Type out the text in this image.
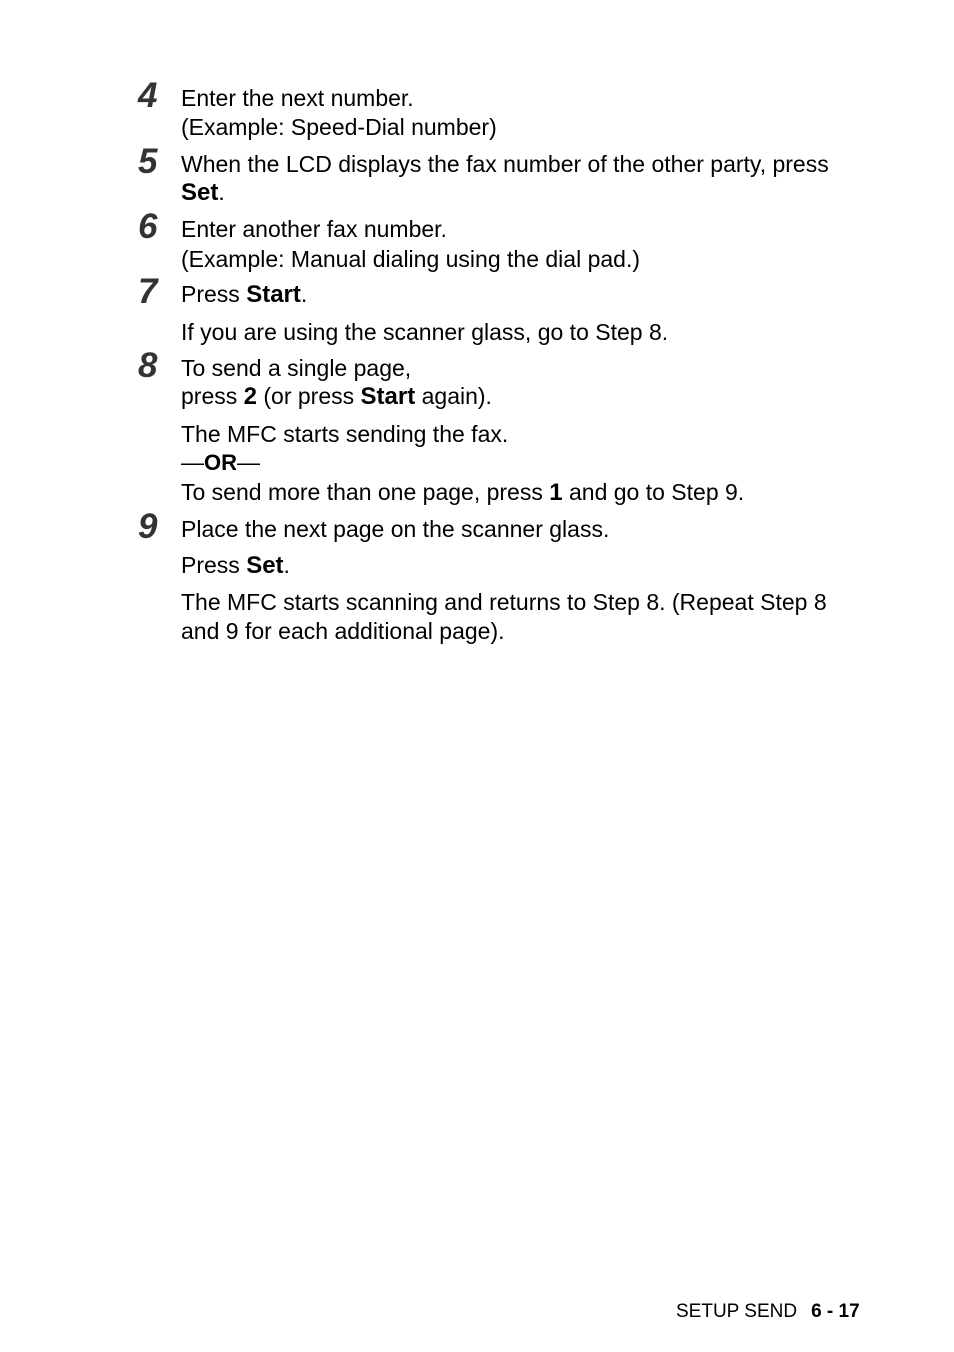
4
5
6
7
8
9
Enter the next number.
(Example: Speed-Dial number)
When the LCD displays the fax number of the other party, press
Set.
Enter another fax number.
(Example: Manual dialing using the dial pad.)
Press Start.
If you are using the scanner glass, go to Step 8.
To send a single page,
press 2 (or press Start again).
The MFC starts sending the fax.
—OR—
To send more than one page, press 1 and go to Step 9.
Place the next page on the scanner glass.
Press Set.
The MFC starts scanning and returns to Step 8. (Repeat Step 8
and 9 for each additional page).
SETUP SEND 6 - 17
